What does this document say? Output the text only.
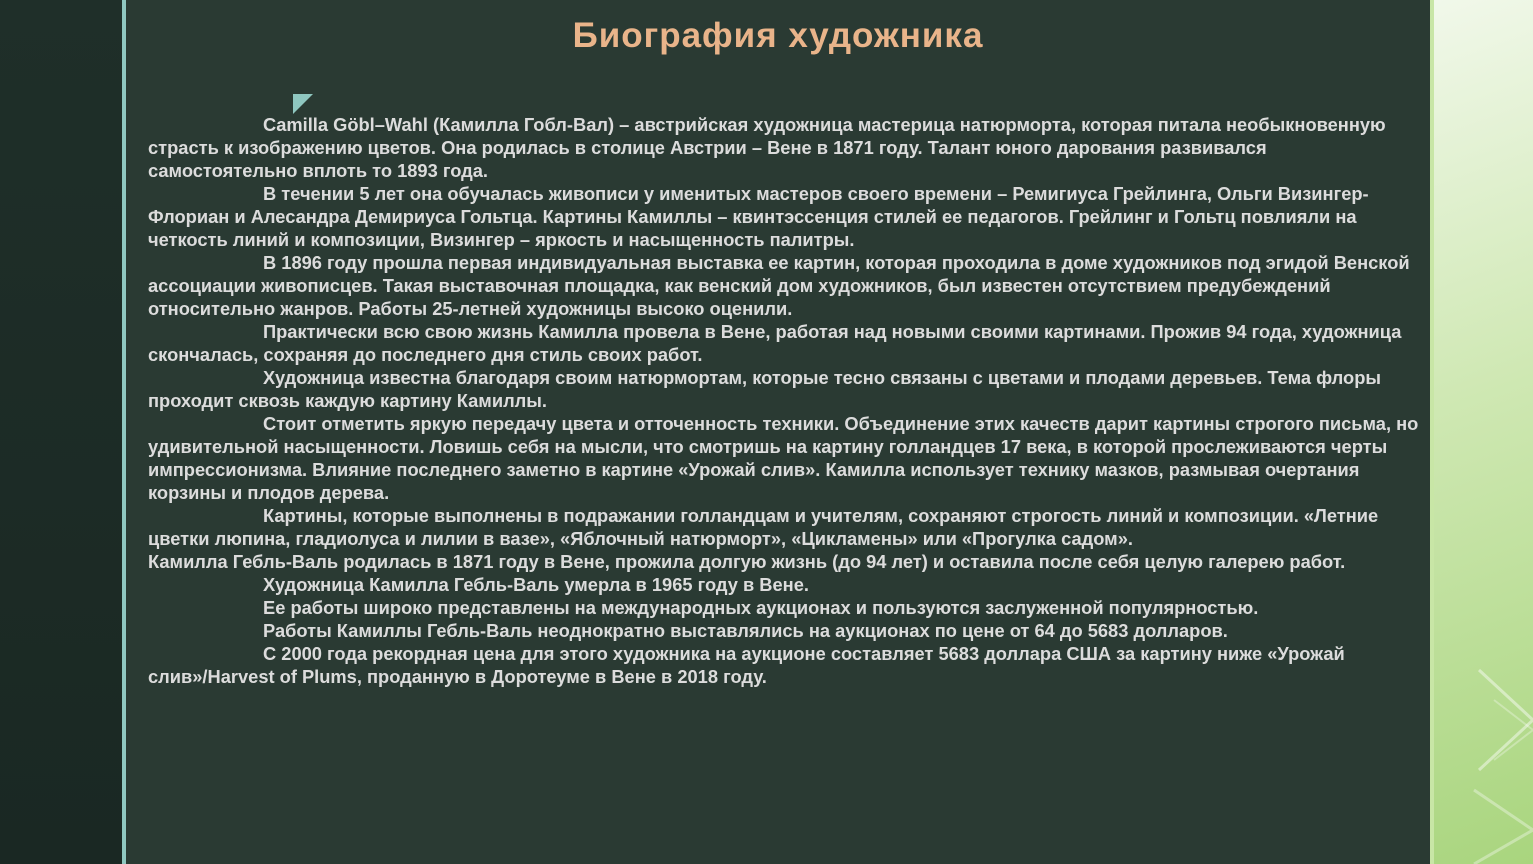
Биография художника

Camilla Göbl–Wahl (Камилла Гобл-Вал) – австрийская художница мастерица натюрморта, которая питала необыкновенную страсть к изображению цветов. Она родилась в столице Австрии – Вене в 1871 году. Талант юного дарования развивался самостоятельно вплоть то 1893 года.

В течении 5 лет она обучалась живописи у именитых мастеров своего времени – Ремигиуса Грейлинга, Ольги Визингер-Флориан и Алесандра Демириуса Гольтца. Картины Камиллы – квинтэссенция стилей ее педагогов. Грейлинг и Гольтц повлияли на четкость линий и композиции, Визингер – яркость и насыщенность палитры.

В 1896 году прошла первая индивидуальная выставка ее картин, которая проходила в доме художников под эгидой Венской ассоциации живописцев. Такая выставочная площадка, как венский дом художников, был известен отсутствием предубеждений относительно жанров. Работы 25-летней художницы высоко оценили.

Практически всю свою жизнь Камилла провела в Вене, работая над новыми своими картинами. Прожив 94 года, художница скончалась, сохраняя до последнего дня стиль своих работ.

Художница известна благодаря своим натюрмортам, которые тесно связаны с цветами и плодами деревьев. Тема флоры проходит сквозь каждую картину Камиллы.

Стоит отметить яркую передачу цвета и отточенность техники. Объединение этих качеств дарит картины строгого письма, но удивительной насыщенности. Ловишь себя на мысли, что смотришь на картину голландцев 17 века, в которой прослеживаются черты импрессионизма. Влияние последнего заметно в картине «Урожай слив». Камилла использует технику мазков, размывая очертания корзины и плодов дерева.

Картины, которые выполнены в подражании голландцам и учителям, сохраняют строгость линий и композиции. «Летние цветки люпина, гладиолуса и лилии в вазе», «Яблочный натюрморт», «Цикламены» или «Прогулка садом».

Камилла Гебль-Валь родилась в 1871 году в Вене, прожила долгую жизнь (до 94 лет) и оставила после себя целую галерею работ.

Художница Камилла Гебль-Валь умерла в 1965 году в Вене.

Ее работы широко представлены на международных аукционах и пользуются заслуженной популярностью.

Работы Камиллы Гебль-Валь неоднократно выставлялись на аукционах по цене от 64 до 5683 долларов.

С 2000 года рекордная цена для этого художника на аукционе составляет 5683 доллара США за картину ниже «Урожай слив»/Harvest of Plums, проданную в Доротеуме в Вене в 2018 году.
